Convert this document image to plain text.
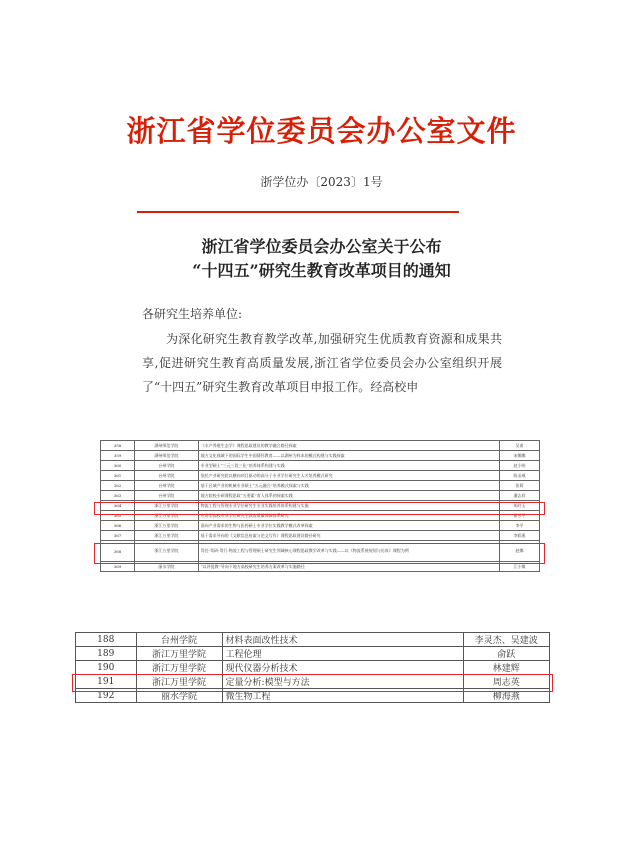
浙江省学位委员会办公室文件
浙学位办〔2023〕1号
浙江省学位委员会办公室关于公布
“十四五”研究生教育改革项目的通知
各研究生培养单位:
为深化研究生教育教学改革,加强研究生优质教育资源和成果共享,促进研究生教育高质量发展,浙江省学位委员会办公室组织开展了“十四五”研究生教育改革项目申报工作。经高校申
358	湖州师范学院	《水产养殖生态学》课程思政建设的教学融合路径探索	吴甫
359	湖州师范学院	地方文化视域下的国际学生中国情怀教育——以湖州为样本的模式构建与实践探索	宋娜娜
360	台州学院	专业型硕士“三元三段三化”培养体系构建与实践	赵小明
361	台州学院	依托产业研究院以横向项目驱动的高分子专业学位研究生人才培养模式研究	陈圣威
362	台州学院	基于区域产业的机械专业硕士“五元融合”培养模式探索与实践	张莉
363	台州学院	地方院校专硕课程思政“五要素”育人体系的探索实践	潘志祥
364	浙江万里学院	物流工程与管理专业学位研究生专业实践培养体系构建与实施	胡玲玉
365	浙江万里学院	应用型高校专业学位研究生教育质量保障体系研究	崔芳平
366	浙江万里学院	面向产业需求的生物与医药硕士专业学位实践教学模式改革探索	李平
367	浙江万里学院	基于需求导向的《文献信息检索与论文写作》课程思政建设路径研究	李彩燕
368	浙江万里学院	驾任-驾研-驾行:物流工程与管理硕士研究生领域核心课程思政教学改革与实践——以《物流系统规划与仿真》课程为例	赵娜
369	丽水学院	“以评促教”导向下地方高校研究生培养方案改革与实施路径	江小敏
188	台州学院	材料表面改性技术	李灵杰、吴建波
189	浙江万里学院	工程伦理	俞跃
190	浙江万里学院	现代仪器分析技术	林建辉
191	浙江万里学院	定量分析:模型与方法	周志英
192	丽水学院	微生物工程	柳海燕
